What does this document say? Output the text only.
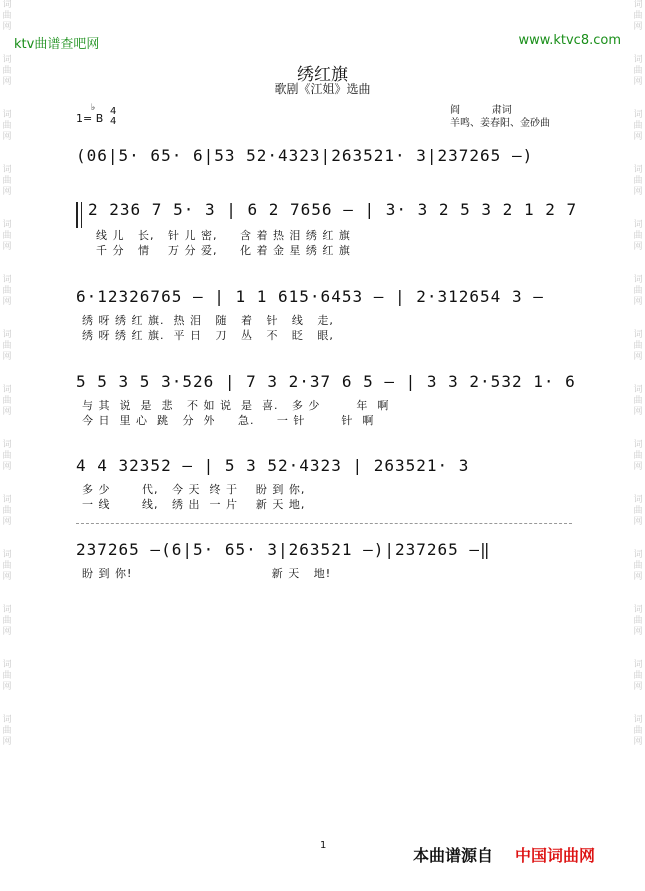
词
曲
网

词
曲
网

词
曲
网

词
曲
网

词
曲
网

词
曲
网

词
曲
网

词
曲
网

词
曲
网

词
曲
网

词
曲
网

词
曲
网

词
曲
网

词
曲
网
词
曲
网

词
曲
网

词
曲
网

词
曲
网

词
曲
网

词
曲
网

词
曲
网

词
曲
网

词
曲
网

词
曲
网

词
曲
网

词
曲
网

词
曲
网

词
曲
网
ktv曲谱查吧网	www.ktvc8.com
绣红旗
歌剧《江姐》选曲
阎          肃词
羊鸣、姜春阳、金砂曲
♭
1= B
4
4
(06|5· 65· 6|53 52·4323|263521· 3|237265 –)
2 236 7 5· 3 | 6 2 7656 – | 3· 3 2 5 3 2 1 2 7
线 儿   长,   针 儿 密,     含 着 热 泪 绣 红 旗
千 分   情    万 分 爱,     化 着 金 星 绣 红 旗
6·12326765 – | 1 1 615·6453 – | 2·312654 3 –
绣 呀 绣 红 旗.  热 泪   随   着   针   线   走,
绣 呀 绣 红 旗.  平 日   刀   丛   不   眨   眼,
5 5 3 5 3·526 | 7 3 2·37 6 5 – | 3 3 2·532 1· 6
与 其  说  是  悲   不 如 说  是  喜.   多 少        年  啊
今 日  里 心  跳   分  外     急.     一 针        针  啊
4 4 32352 – | 5 3 52·4323 | 263521· 3
多 少       代,   今 天  终 于    盼 到 你,
一 线       线,   绣 出  一 片    新 天 地,
237265 –(6|5· 65· 3|263521 –)|237265 –‖
盼 到 你!                               新 天   地!
1
本曲谱源自 中国词曲网
